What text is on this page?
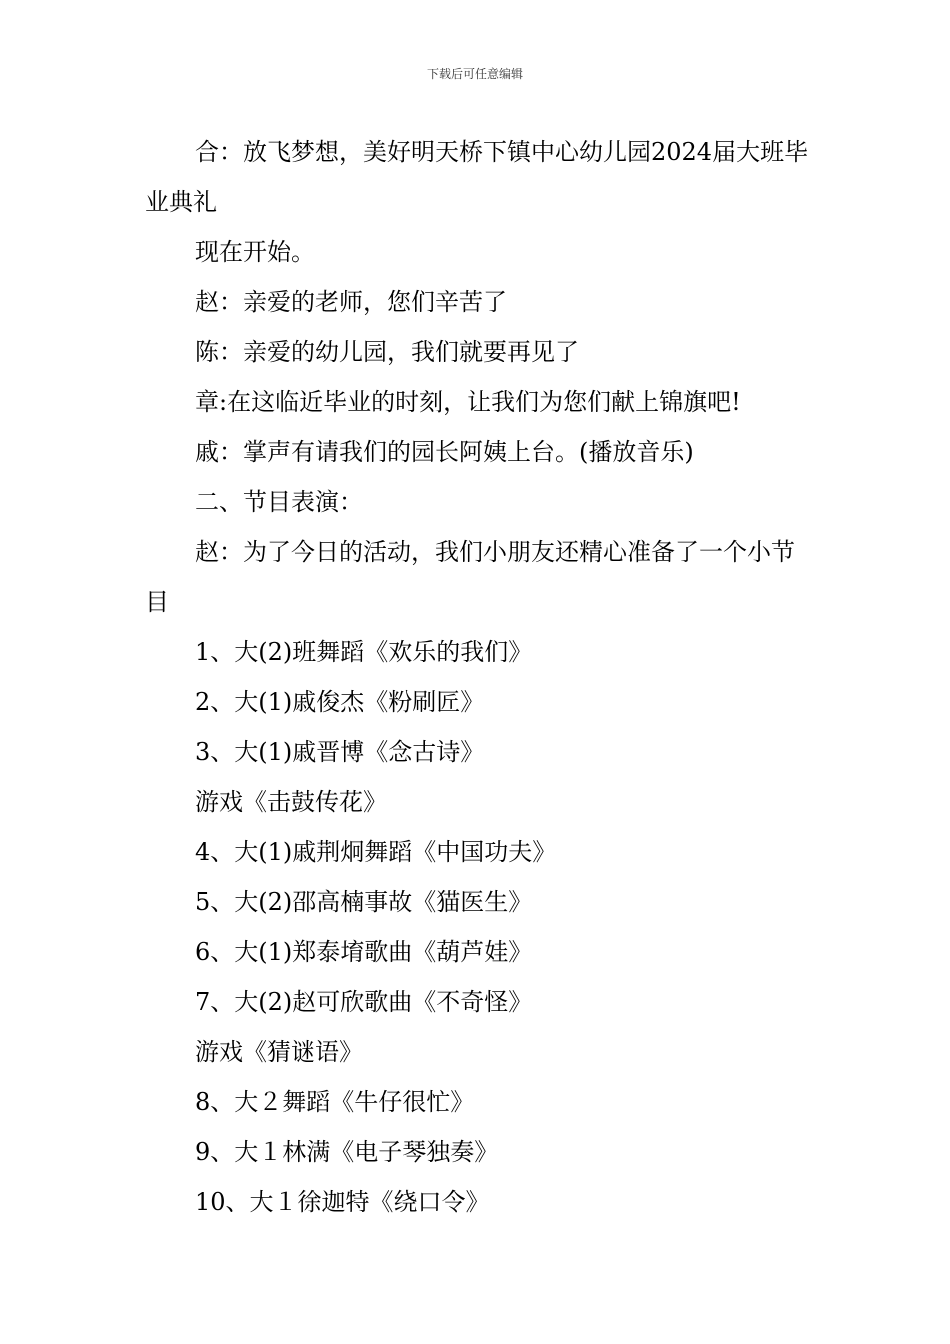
下载后可任意编辑

合：放飞梦想，美好明天桥下镇中心幼儿园2024届大班毕业典礼

现在开始。

赵：亲爱的老师，您们辛苦了

陈：亲爱的幼儿园，我们就要再见了

章:在这临近毕业的时刻，让我们为您们献上锦旗吧!

戚：掌声有请我们的园长阿姨上台。(播放音乐)

二、节目表演：

赵：为了今日的活动，我们小朋友还精心准备了一个小节目

1、大(2)班舞蹈《欢乐的我们》

2、大(1)戚俊杰《粉刷匠》

3、大(1)戚晋博《念古诗》

游戏《击鼓传花》

4、大(1)戚荆炯舞蹈《中国功夫》

5、大(2)邵高楠事故《猫医生》

6、大(1)郑泰堉歌曲《葫芦娃》

7、大(2)赵可欣歌曲《不奇怪》

游戏《猜谜语》

8、大２舞蹈《牛仔很忙》

9、大１林满《电子琴独奏》

10、大１徐迦特《绕口令》
